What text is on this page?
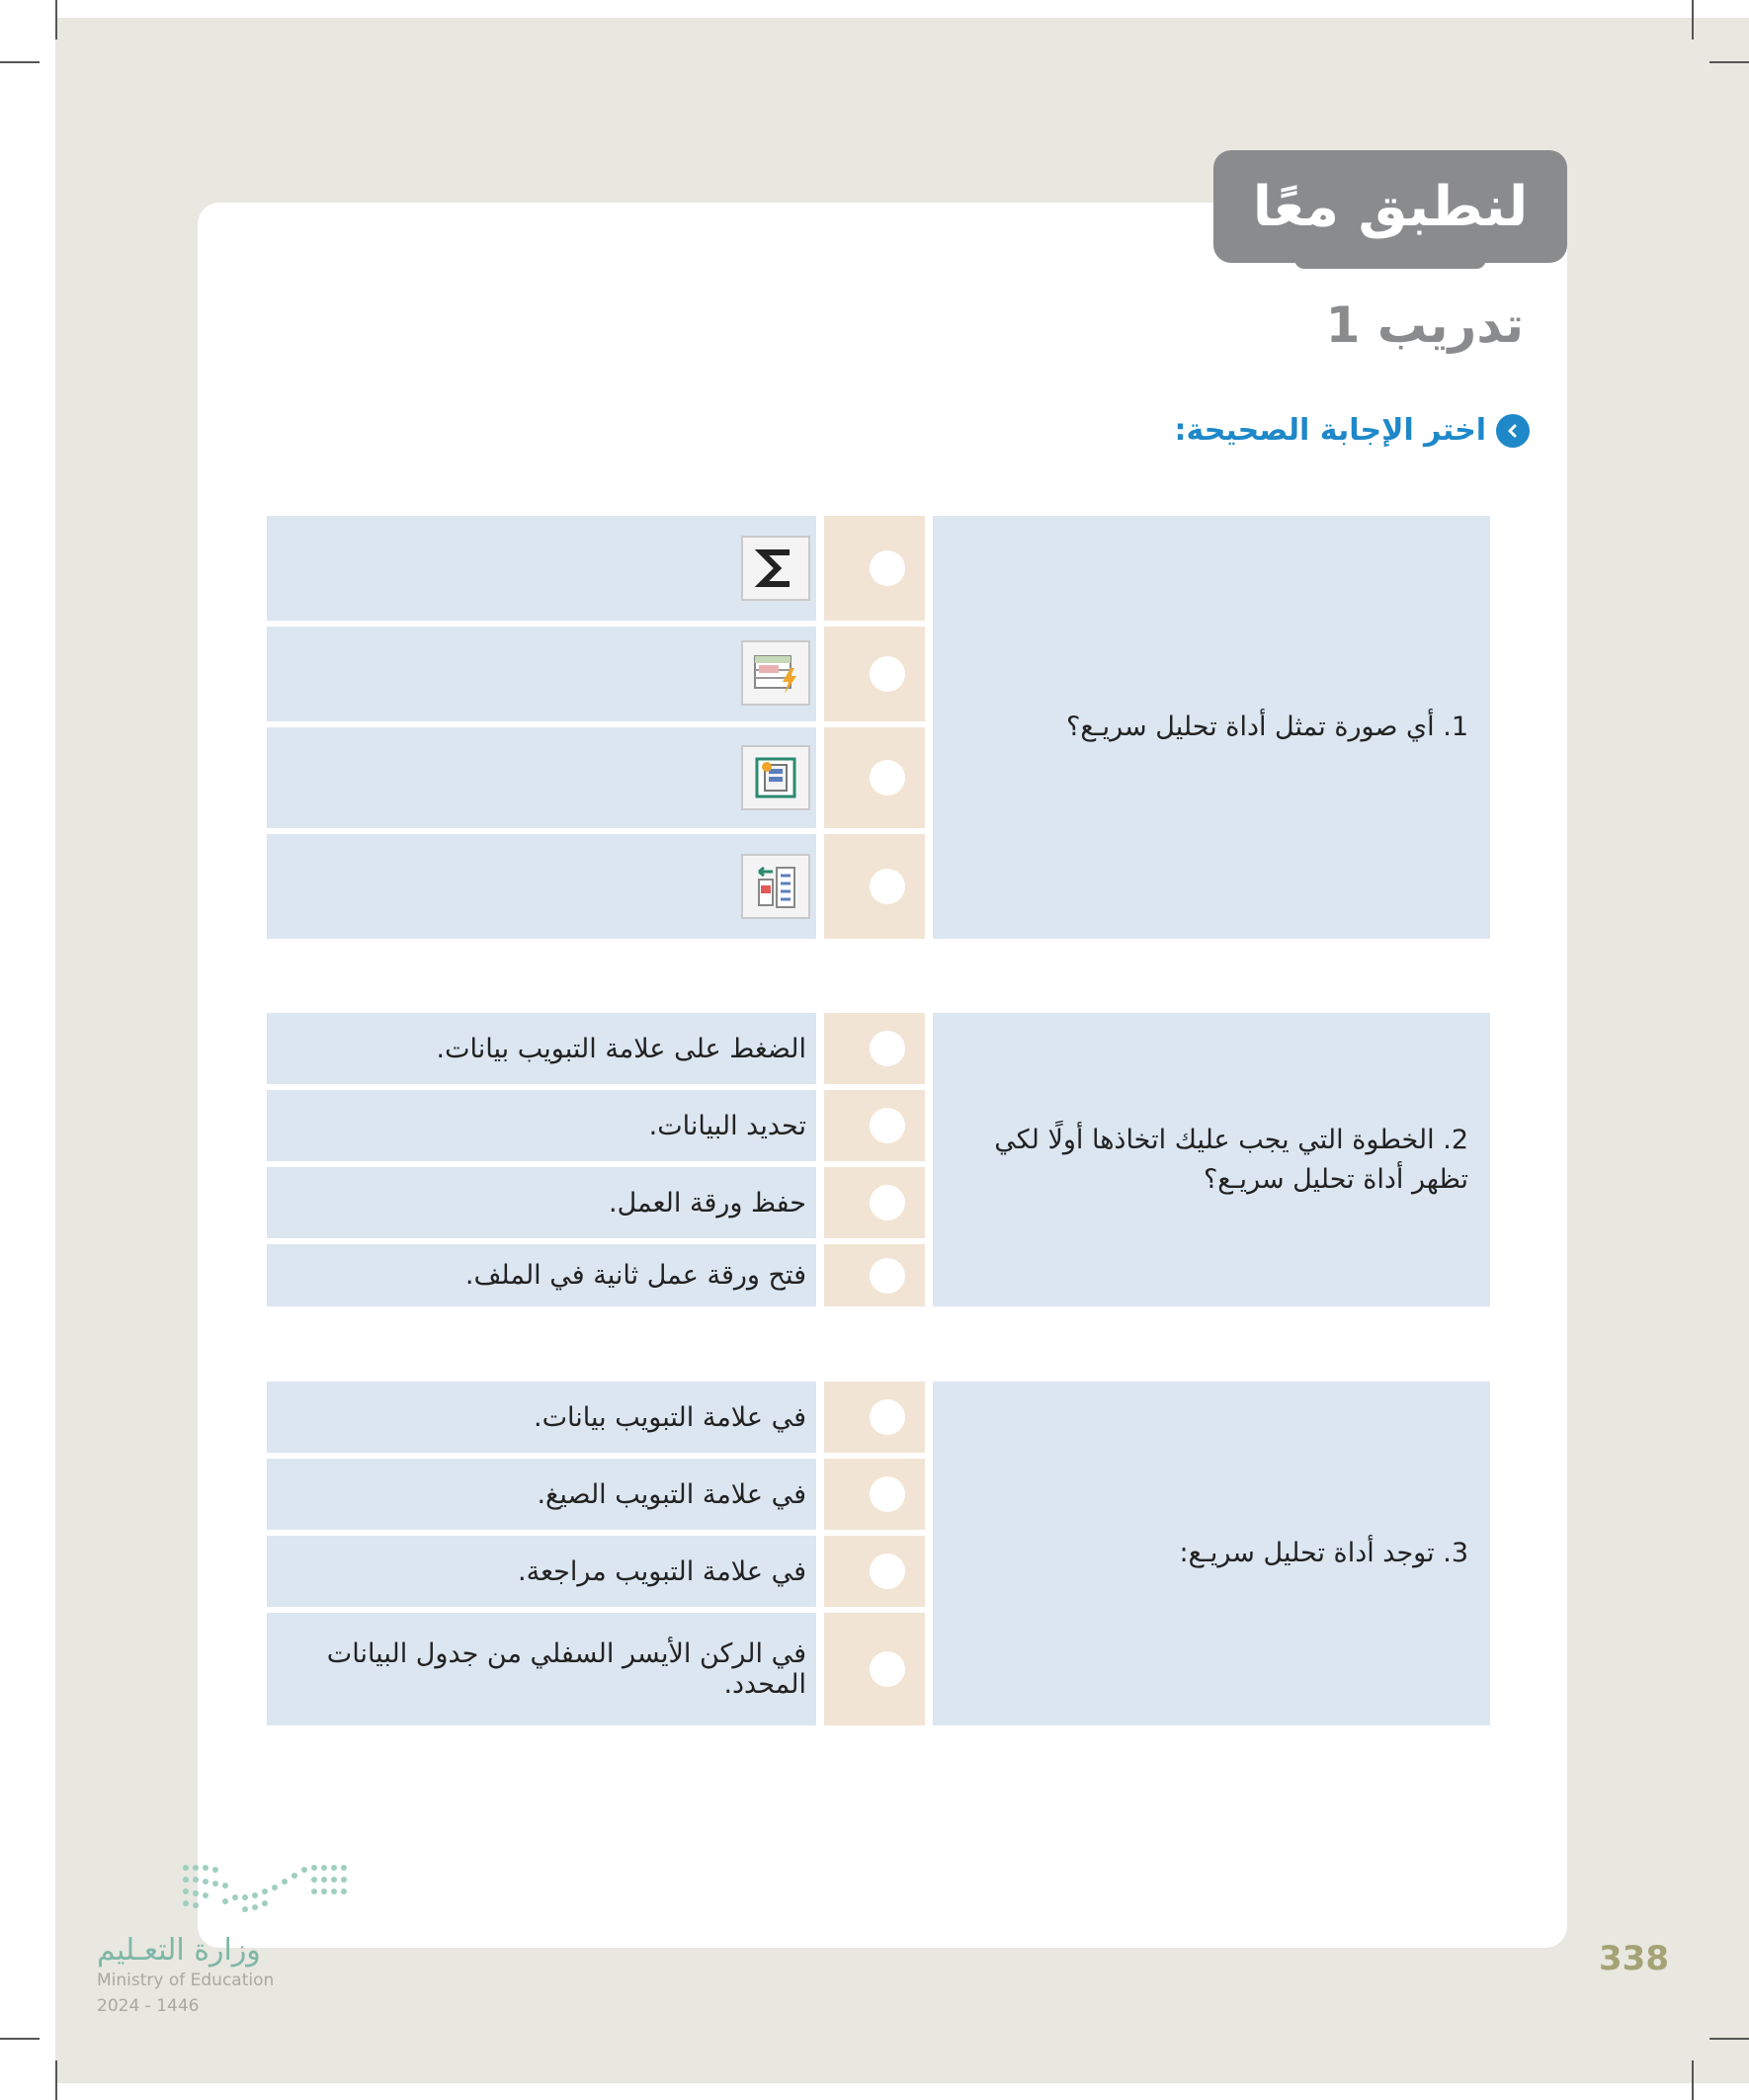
لنطبق معًا
تدريب 1
اختر الإجابة الصحيحة:
1. أي صورة تمثل أداة تحليل سريـع؟
2. الخطوة التي يجب عليك اتخاذها أولًا لكي تظهر أداة تحليل سريـع؟
الضغط على علامة التبويب بيانات.
تحديد البيانات.
حفظ ورقة العمل.
فتح ورقة عمل ثانية في الملف.
3. توجد أداة تحليل سريـع:
في علامة التبويب بيانات.
في علامة التبويب الصيغ.
في علامة التبويب مراجعة.
في الركن الأيسر السفلي من جدول البيانات المحدد.
وزارة التعـليم
Ministry of Education
2024 - 1446
338
